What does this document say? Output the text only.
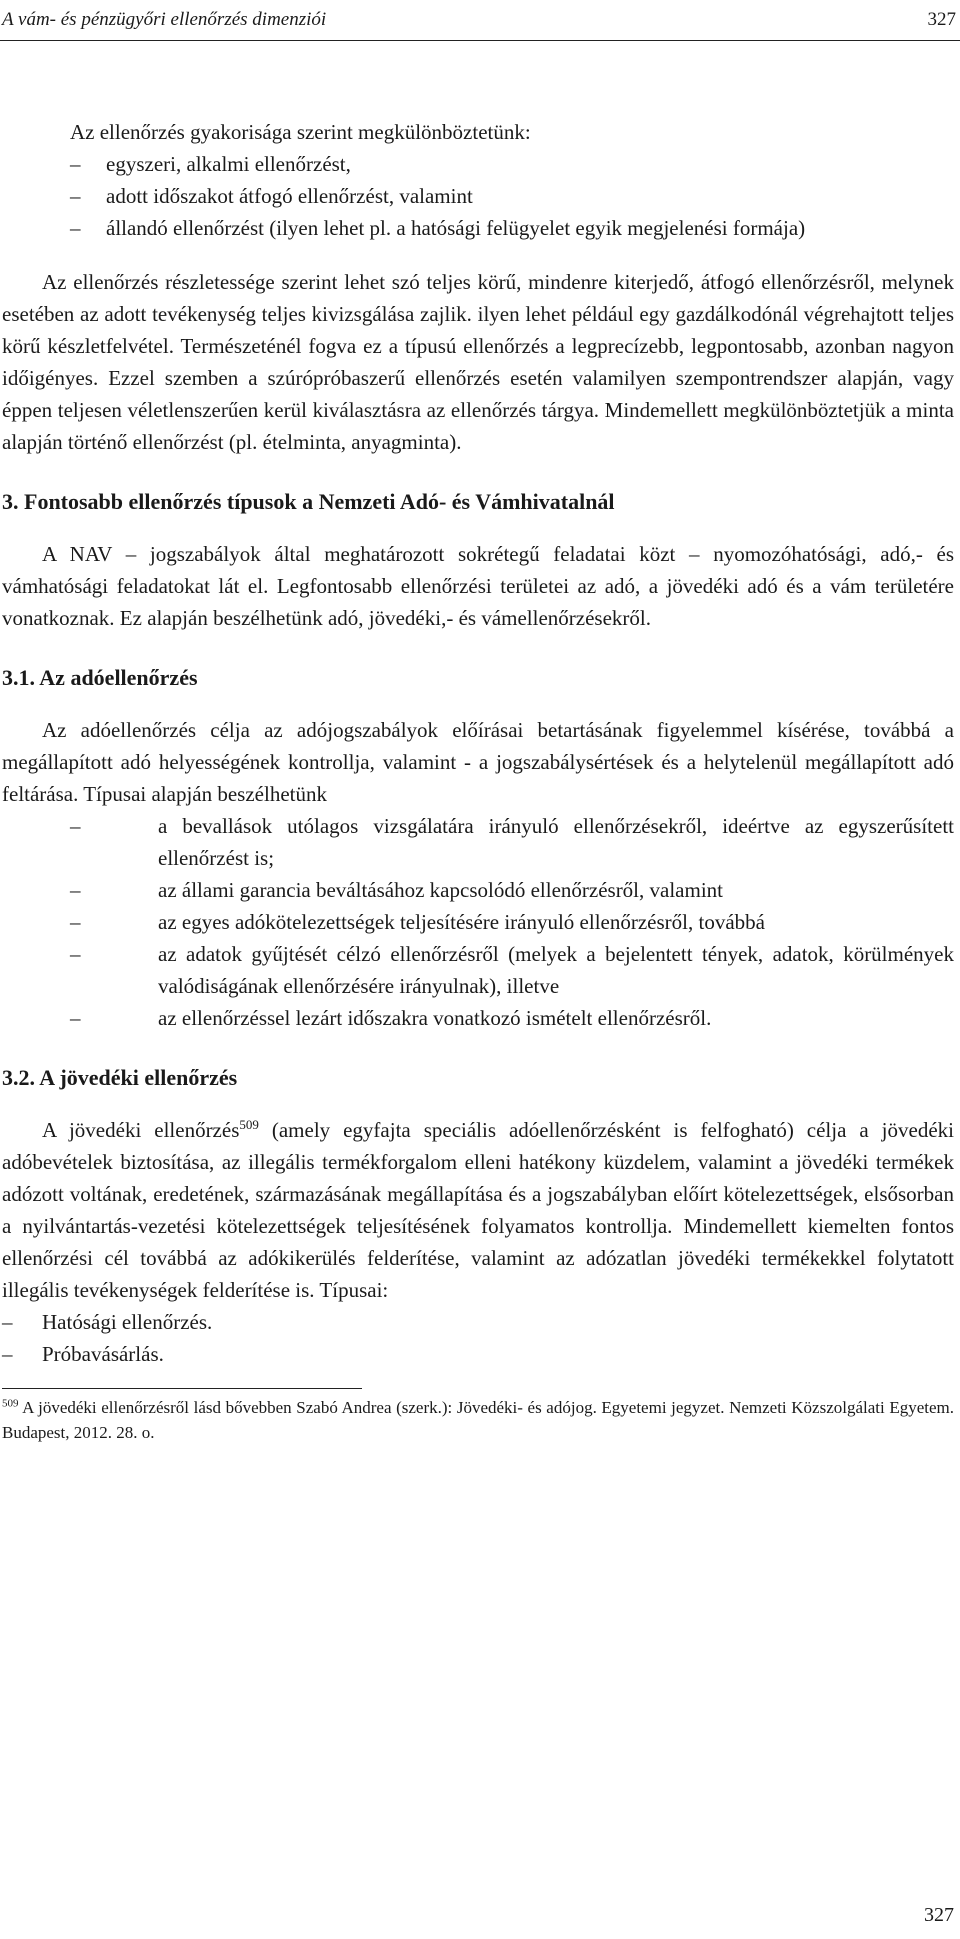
A vám- és pénzügyőri ellenőrzés dimenziói	327

Az ellenőrzés gyakorisága szerint megkülönböztetünk:

– egyszeri, alkalmi ellenőrzést,
– adott időszakot átfogó ellenőrzést, valamint
– állandó ellenőrzést (ilyen lehet pl. a hatósági felügyelet egyik megjelenési formája)

Az ellenőrzés részletessége szerint lehet szó teljes körű, mindenre kiterjedő, átfogó ellenőrzésről, melynek esetében az adott tevékenység teljes kivizsgálása zajlik. ilyen lehet például egy gazdálkodónál végrehajtott teljes körű készletfelvétel. Természeténél fogva ez a típusú ellenőrzés a legprecízebb, legpontosabb, azonban nagyon időigényes. Ezzel szemben a szúrópróbaszerű ellenőrzés esetén valamilyen szempontrendszer alapján, vagy éppen teljesen véletlenszerűen kerül kiválasztásra az ellenőrzés tárgya. Mindemellett megkülönböztetjük a minta alapján történő ellenőrzést (pl. ételminta, anyagminta).

3. Fontosabb ellenőrzés típusok a Nemzeti Adó- és Vámhivatalnál

A NAV – jogszabályok által meghatározott sokrétegű feladatai közt – nyomozóhatósági, adó,- és vámhatósági feladatokat lát el. Legfontosabb ellenőrzési területei az adó, a jövedéki adó és a vám területére vonatkoznak. Ez alapján beszélhetünk adó, jövedéki,- és vámellenőrzésekről.

3.1. Az adóellenőrzés

Az adóellenőrzés célja az adójogszabályok előírásai betartásának figyelemmel kísérése, továbbá a megállapított adó helyességének kontrollja, valamint - a jogszabálysértések és a helytelenül megállapított adó feltárása. Típusai alapján beszélhetünk

–	a bevallások utólagos vizsgálatára irányuló ellenőrzésekről, ideértve az egyszerűsített ellenőrzést is;
–	az állami garancia beváltásához kapcsolódó ellenőrzésről, valamint
–	az egyes adókötelezettségek teljesítésére irányuló ellenőrzésről, továbbá
–	az adatok gyűjtését célzó ellenőrzésről (melyek a bejelentett tények, adatok, körülmények valódiságának ellenőrzésére irányulnak), illetve
–	az ellenőrzéssel lezárt időszakra vonatkozó ismételt ellenőrzésről.
3.2. A jövedéki ellenőrzés

A jövedéki ellenőrzés$^{509}$ (amely egyfajta speciális adóellenőrzésként is felfogható) célja a jövedéki adóbevételek biztosítása, az illegális termékforgalom elleni hatékony küzdelem, valamint a jövedéki termékek adózott voltának, eredetének, származásának megállapítása és a jogszabályban előírt kötelezettségek, elsősorban a nyilvántartás-vezetési kötelezettségek teljesítésének folyamatos kontrollja. Mindemellett kiemelten fontos ellenőrzési cél továbbá az adókikerülés felderítése, valamint az adózatlan jövedéki termékekkel folytatott illegális tevékenységek felderítése is. Típusai:

– Hatósági ellenőrzés.
– Próbavásárlás.

$^{509}$ A jövedéki ellenőrzésről lásd bővebben Szabó Andrea (szerk.): Jövedéki- és adójog. Egyetemi jegyzet. Nemzeti Közszolgálati Egyetem. Budapest, 2012. 28. o.

327
